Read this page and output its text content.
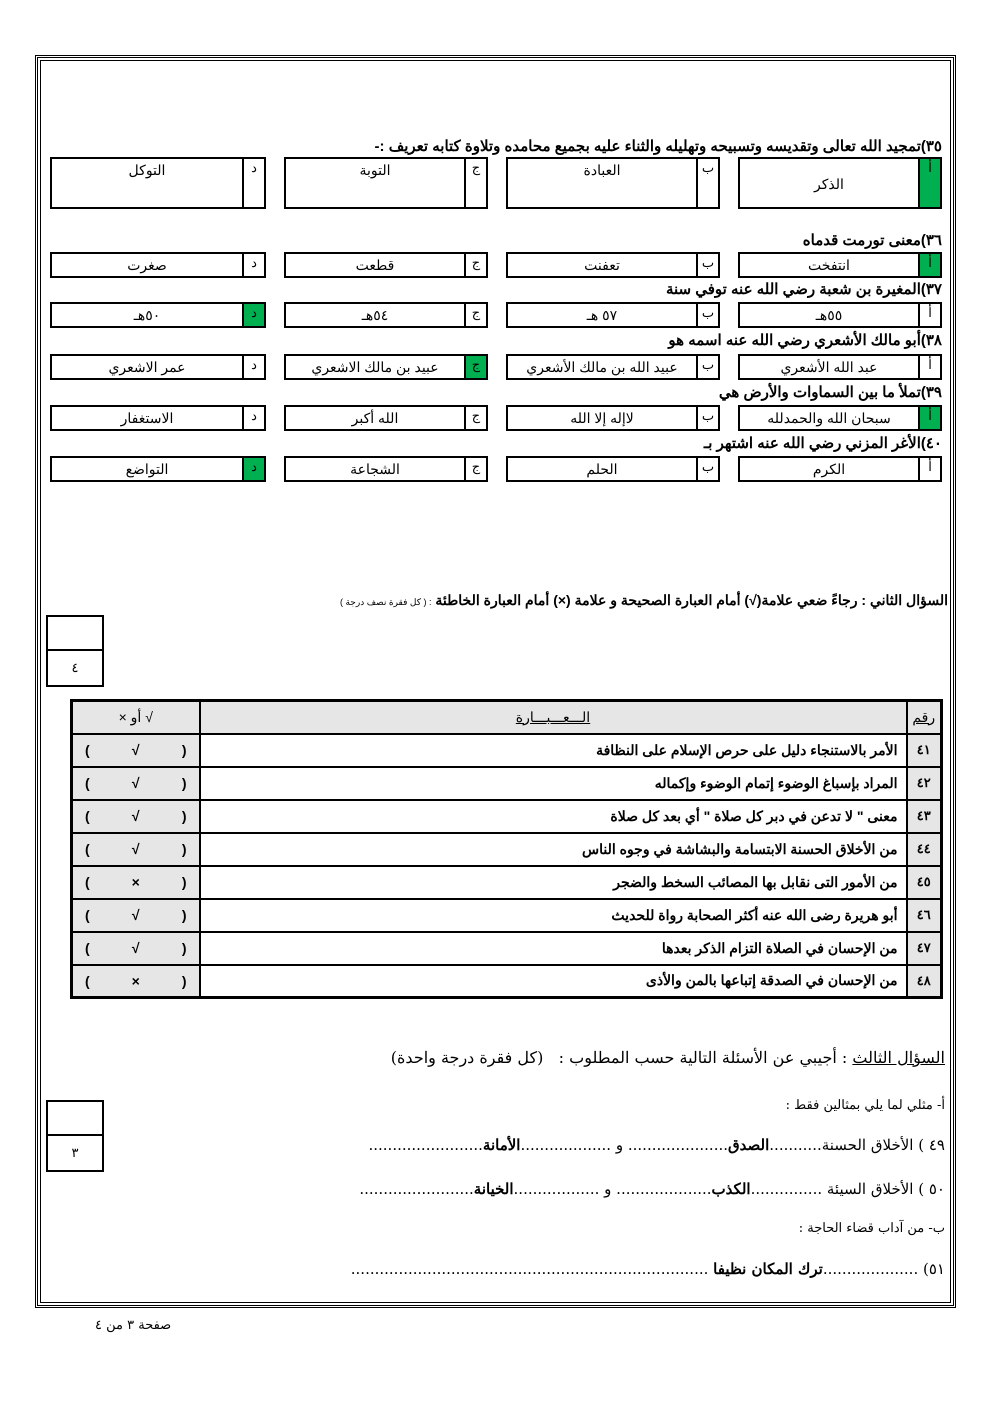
٣٥)تمجيد الله تعالى وتقديسه وتسبيحه وتهليله والثناء عليه بجميع محامده وتلاوة كتابه تعريف :-
أ
الذكر
ب
العبادة
ج
التوبة
د
التوكل
٣٦)معنى تورمت قدماه
أ
انتفخت
ب
تعفنت
ج
قطعت
د
صغرت
٣٧)المغيرة بن شعبة رضي الله عنه توفي سنة
أ
٥٥هـ
ب
٥٧ هـ
ج
٥٤هـ
د
٥٠هـ
٣٨)أبو مالك الأشعري رضي الله عنه اسمه هو
أ
عبد الله الأشعري
ب
عبيد الله بن مالك الأشعري
ج
عبيد بن مالك الاشعري
د
عمر الاشعري
٣٩)تملأ ما بين السماوات والأرض هي
أ
سبحان الله والحمدلله
ب
لاإله إلا الله
ج
الله أكبر
د
الاستغفار
٤٠)الأغر المزني رضي الله عنه اشتهر بـ
أ
الكرم
ب
الحلم
ج
الشجاعة
د
التواضع
السؤال الثاني : رجاءً ضعي علامة(√) أمام العبارة الصحيحة و علامة (×) أمام العبارة الخاطئة : ( كل فقرة نصف درجة )
٤
رقم	الـــعـــبـــارة	√ أو ×
٤١	الأمر بالاستنجاء دليل على حرص الإسلام على النظافة	( √ )

٤٢	المراد بإسباغ الوضوء إتمام الوضوء وإكماله	( √ )

٤٣	معنى " لا تدعن في دبر كل صلاة " أي بعد كل صلاة	( √ )

٤٤	من الأخلاق الحسنة الابتسامة والبشاشة في وجوه الناس	( √ )

٤٥	من الأمور التى نقابل بها المصائب السخط والضجر	( × )

٤٦	أبو هريرة رضى الله عنه أكثر الصحابة رواة للحديث	( √ )

٤٧	من الإحسان في الصلاة التزام الذكر بعدها	( √ )

٤٨	من الإحسان في الصدقة إتباعها بالمن والأذى	( × )
السؤال الثالث : أجيبي عن الأسئلة التالية حسب المطلوب :   (كل فقرة درجة واحدة)
٣
أ- مثلي لما يلي بمثالين فقط :
٤٩ ) الأخلاق الحسنة...........الصدق..................... و ...................الأمانة........................
٥٠ ) الأخلاق السيئة ...............الكذب.................... و ..................الخيانة........................
ب- من آداب قضاء الحاجة :
٥١) ....................ترك المكان نظيفا ...........................................................................
صفحة ٣ من ٤
